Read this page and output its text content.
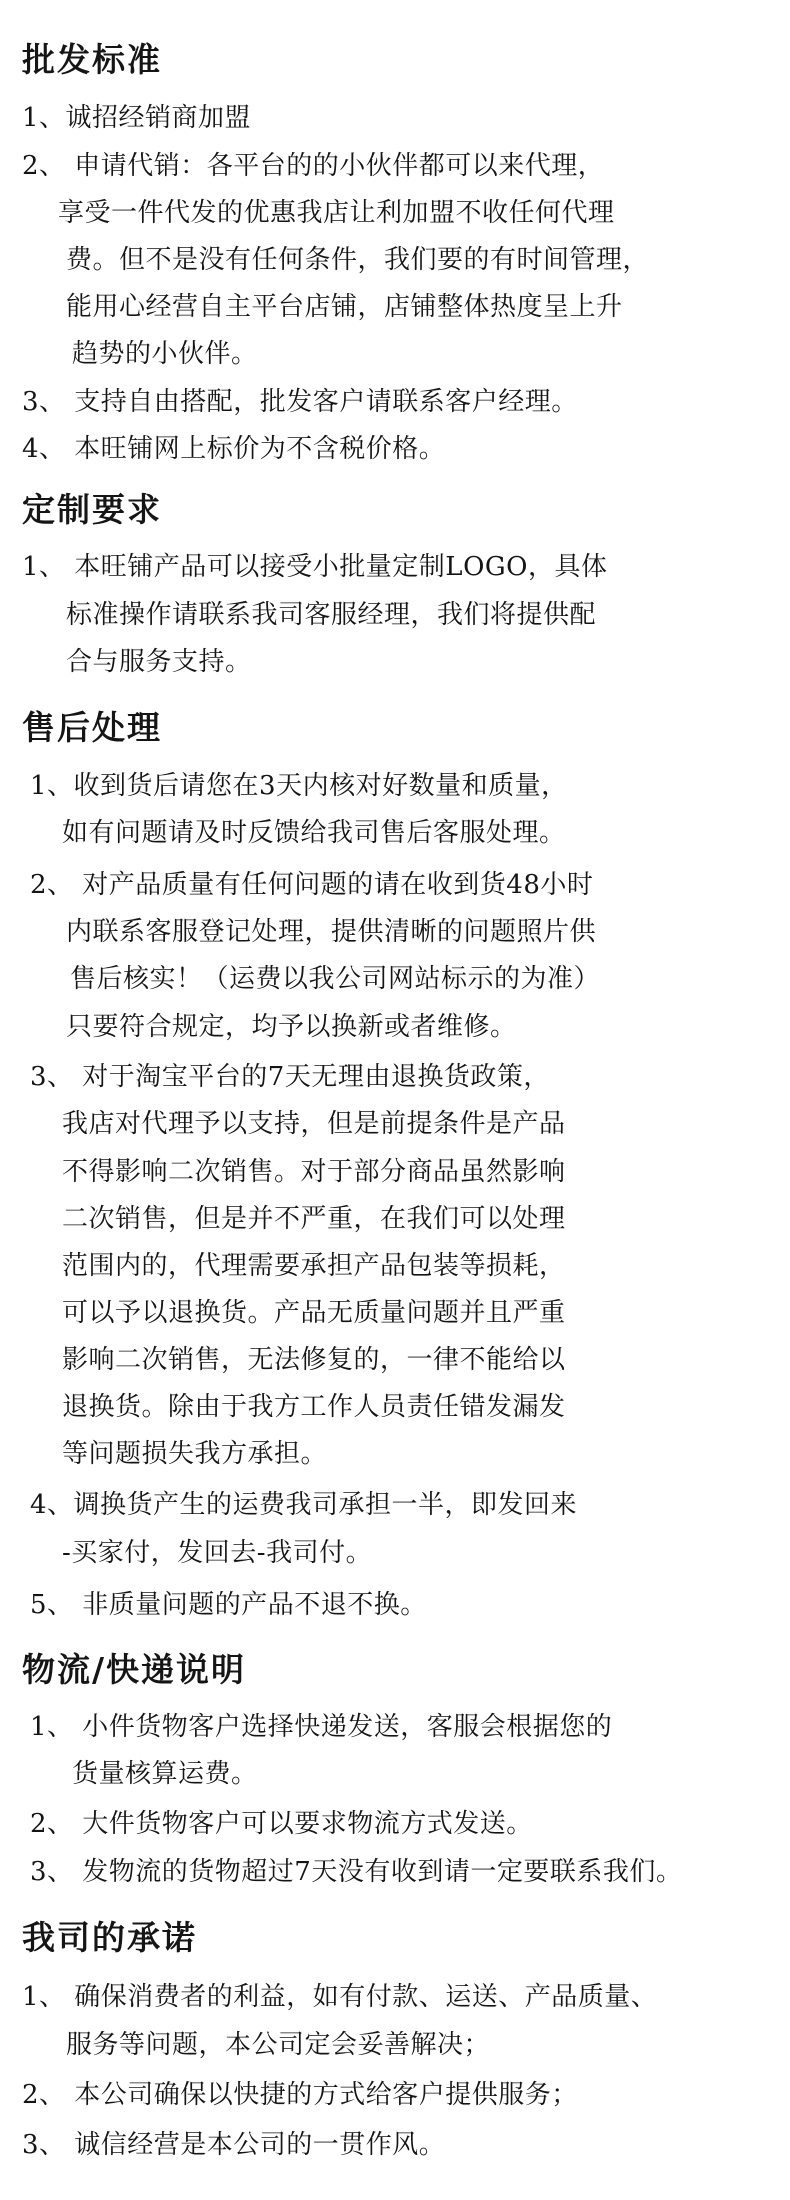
批发标准

1、诚招经销商加盟

2、 申请代销：各平台的的小伙伴都可以来代理，

享受一件代发的优惠我店让利加盟不收任何代理

费。但不是没有任何条件，我们要的有时间管理，

能用心经营自主平台店铺，店铺整体热度呈上升

趋势的小伙伴。

3、 支持自由搭配，批发客户请联系客户经理。

4、 本旺铺网上标价为不含税价格。

定制要求

1、 本旺铺产品可以接受小批量定制LOGO，具体

标准操作请联系我司客服经理，我们将提供配

合与服务支持。

售后处理

1、收到货后请您在3天内核对好数量和质量，

如有问题请及时反馈给我司售后客服处理。

2、 对产品质量有任何问题的请在收到货48小时

内联系客服登记处理，提供清晰的问题照片供

售后核实！（运费以我公司网站标示的为准）

只要符合规定，均予以换新或者维修。

3、 对于淘宝平台的7天无理由退换货政策，

我店对代理予以支持，但是前提条件是产品

不得影响二次销售。对于部分商品虽然影响

二次销售，但是并不严重，在我们可以处理

范围内的，代理需要承担产品包装等损耗，

可以予以退换货。产品无质量问题并且严重

影响二次销售，无法修复的，一律不能给以

退换货。除由于我方工作人员责任错发漏发

等问题损失我方承担。

4、调换货产生的运费我司承担一半，即发回来

-买家付，发回去-我司付。

5、 非质量问题的产品不退不换。

物流/快递说明

1、 小件货物客户选择快递发送，客服会根据您的

货量核算运费。

2、 大件货物客户可以要求物流方式发送。

3、 发物流的货物超过7天没有收到请一定要联系我们。

我司的承诺

1、 确保消费者的利益，如有付款、运送、产品质量、

服务等问题，本公司定会妥善解决；

2、 本公司确保以快捷的方式给客户提供服务；

3、 诚信经营是本公司的一贯作风。
